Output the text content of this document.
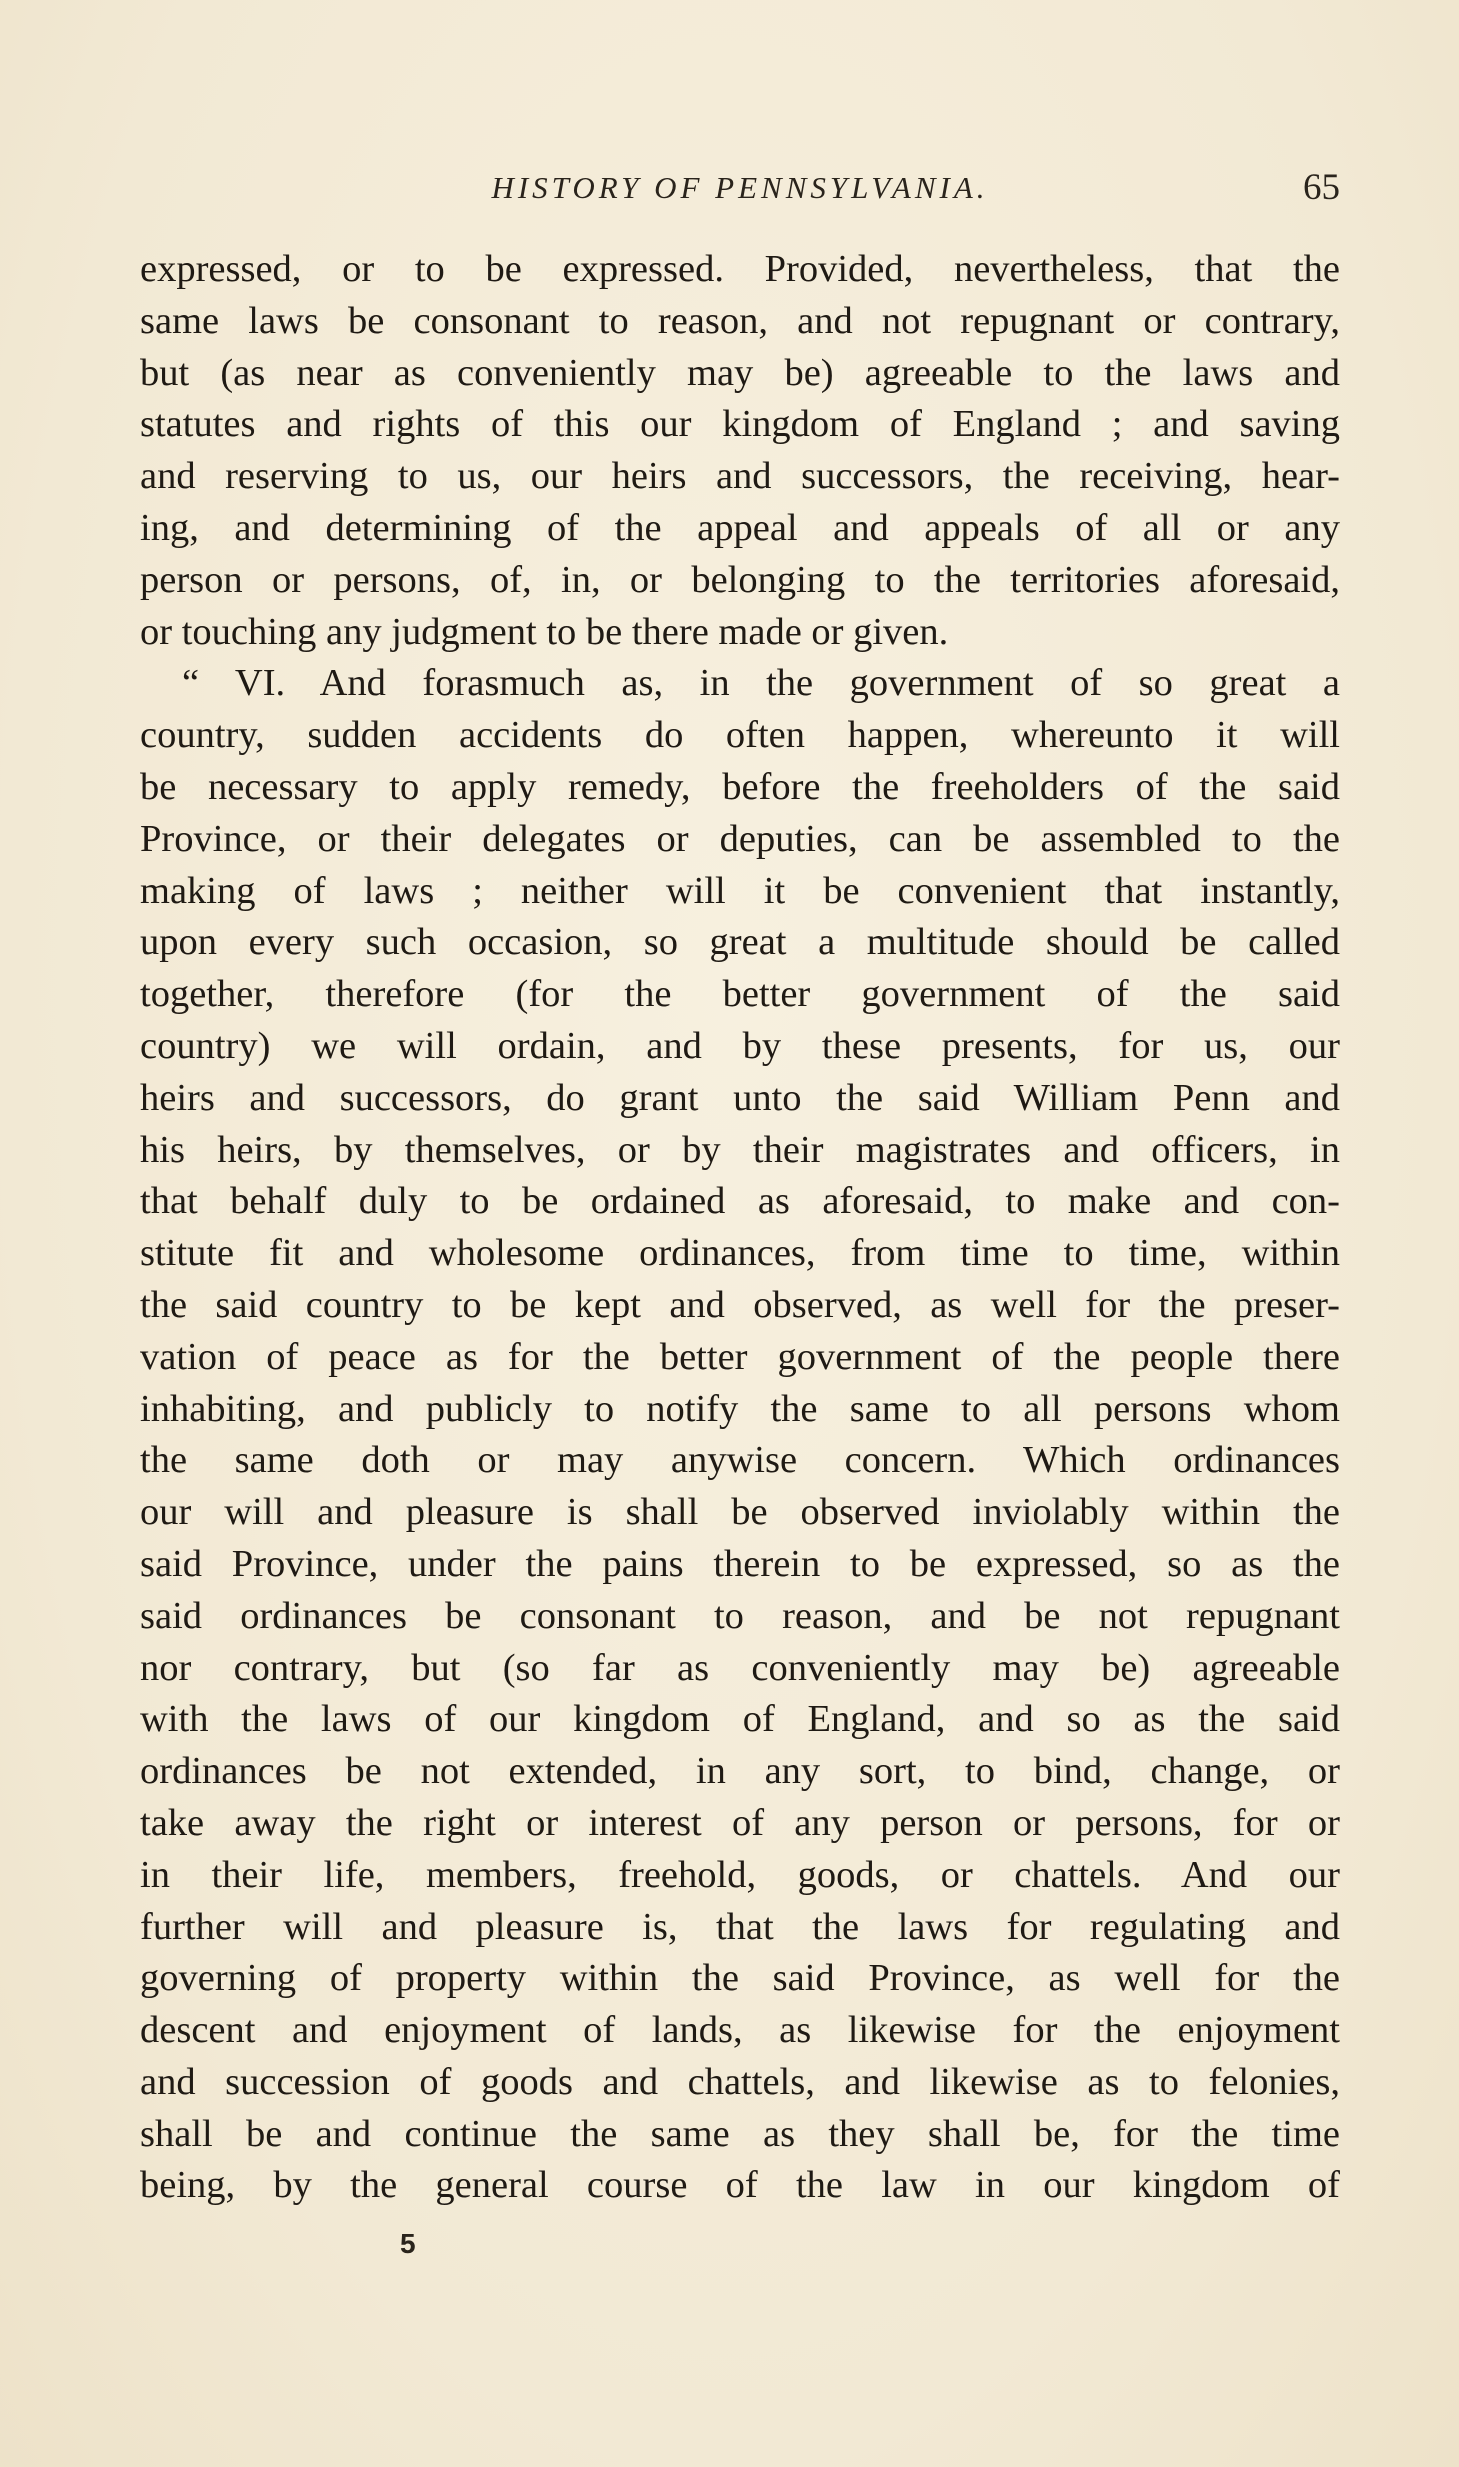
HISTORY OF PENNSYLVANIA.	65
expressed, or to be expressed. Provided, nevertheless, that the
same laws be consonant to reason, and not repugnant or contrary,
but (as near as conveniently may be) agreeable to the laws and
statutes and rights of this our kingdom of England ; and saving
and reserving to us, our heirs and successors, the receiving, hear-
ing, and determining of the appeal and appeals of all or any
person or persons, of, in, or belonging to the territories aforesaid,
or touching any judgment to be there made or given.
“ VI. And forasmuch as, in the government of so great a
country, sudden accidents do often happen, whereunto it will
be necessary to apply remedy, before the freeholders of the said
Province, or their delegates or deputies, can be assembled to the
making of laws ; neither will it be convenient that instantly,
upon every such occasion, so great a multitude should be called
together, therefore (for the better government of the said
country) we will ordain, and by these presents, for us, our
heirs and successors, do grant unto the said William Penn and
his heirs, by themselves, or by their magistrates and officers, in
that behalf duly to be ordained as aforesaid, to make and con-
stitute fit and wholesome ordinances, from time to time, within
the said country to be kept and observed, as well for the preser-
vation of peace as for the better government of the people there
inhabiting, and publicly to notify the same to all persons whom
the same doth or may anywise concern. Which ordinances
our will and pleasure is shall be observed inviolably within the
said Province, under the pains therein to be expressed, so as the
said ordinances be consonant to reason, and be not repugnant
nor contrary, but (so far as conveniently may be) agreeable
with the laws of our kingdom of England, and so as the said
ordinances be not extended, in any sort, to bind, change, or
take away the right or interest of any person or persons, for or
in their life, members, freehold, goods, or chattels. And our
further will and pleasure is, that the laws for regulating and
governing of property within the said Province, as well for the
descent and enjoyment of lands, as likewise for the enjoyment
and succession of goods and chattels, and likewise as to felonies,
shall be and continue the same as they shall be, for the time
being, by the general course of the law in our kingdom of
5
